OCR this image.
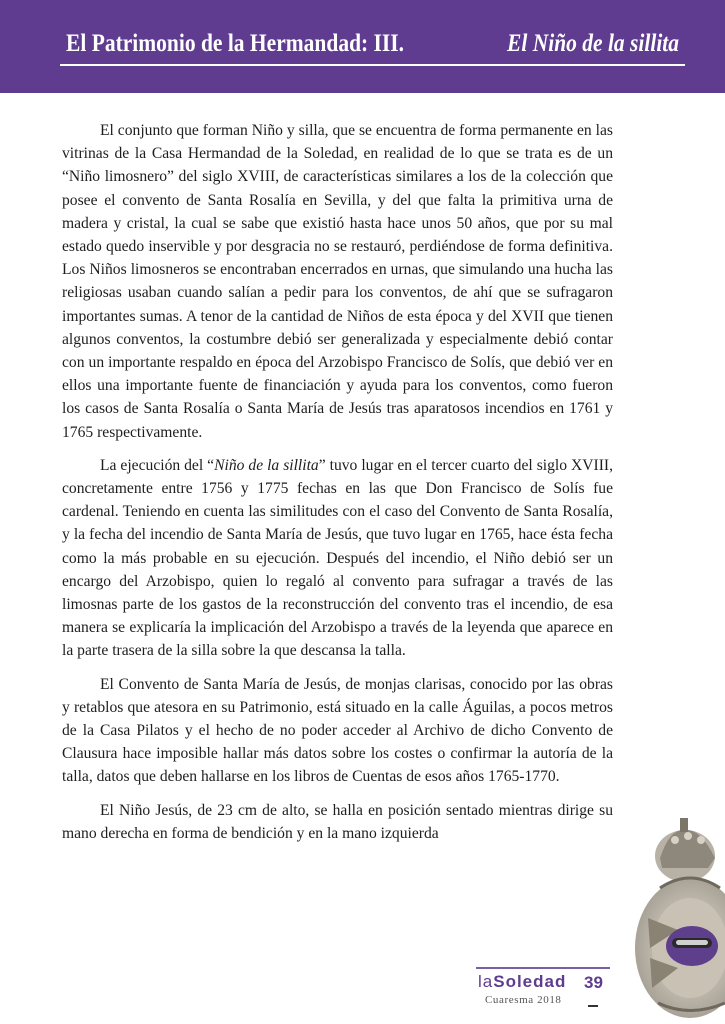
El Patrimonio de la Hermandad: III.	El Niño de la sillita

El conjunto que forman Niño y silla, que se encuentra de forma permanente en las vitrinas de la Casa Hermandad de la Soledad, en realidad de lo que se trata es de un “Niño limosnero” del siglo XVIII, de características similares a los de la colección que posee el convento de Santa Rosalía en Sevilla, y del que falta la primitiva urna de madera y cristal, la cual se sabe que existió hasta hace unos 50 años, que por su mal estado quedo inservible y por desgracia no se restauró, perdiéndose de forma definitiva. Los Niños limosneros se encontraban encerrados en urnas, que simulando una hucha las religiosas usaban cuando salían a pedir para los conventos, de ahí que se sufragaron importantes sumas. A tenor de la cantidad de Niños de esta época y del XVII que tienen algunos conventos, la costumbre debió ser generalizada y especialmente debió contar con un importante respaldo en época del Arzobispo Francisco de Solís, que debió ver en ellos una importante fuente de financiación y ayuda para los conventos, como fueron los casos de Santa Rosalía o Santa María de Jesús tras aparatosos incendios en 1761 y 1765 respectivamente.

La ejecución del “Niño de la sillita” tuvo lugar en el tercer cuarto del siglo XVIII, concretamente entre 1756 y 1775 fechas en las que Don Francisco de Solís fue cardenal. Teniendo en cuenta las similitudes con el caso del Convento de Santa Rosalía, y la fecha del incendio de Santa María de Jesús, que tuvo lugar en 1765, hace ésta fecha como la más probable en su ejecución. Después del incendio, el Niño debió ser un encargo del Arzobispo, quien lo regaló al convento para sufragar a través de las limosnas parte de los gastos de la reconstrucción del convento tras el incendio, de esa manera se explicaría la implicación del Arzobispo a través de la leyenda que aparece en la parte trasera de la silla sobre la que descansa la talla.

El Convento de Santa María de Jesús, de monjas clarisas, conocido por las obras y retablos que atesora en su Patrimonio, está situado en la calle Águilas, a pocos metros de la Casa Pilatos y el hecho de no poder acceder al Archivo de dicho Convento de Clausura hace imposible hallar más datos sobre los costes o confirmar la autoría de la talla, datos que deben hallarse en los libros de Cuentas de esos años 1765-1770.

El Niño Jesús, de 23 cm de alto, se halla en posición sentado mientras dirige su mano derecha en forma de bendición y en la mano izquierda

laSoledad
Cuaresma 2018
39
